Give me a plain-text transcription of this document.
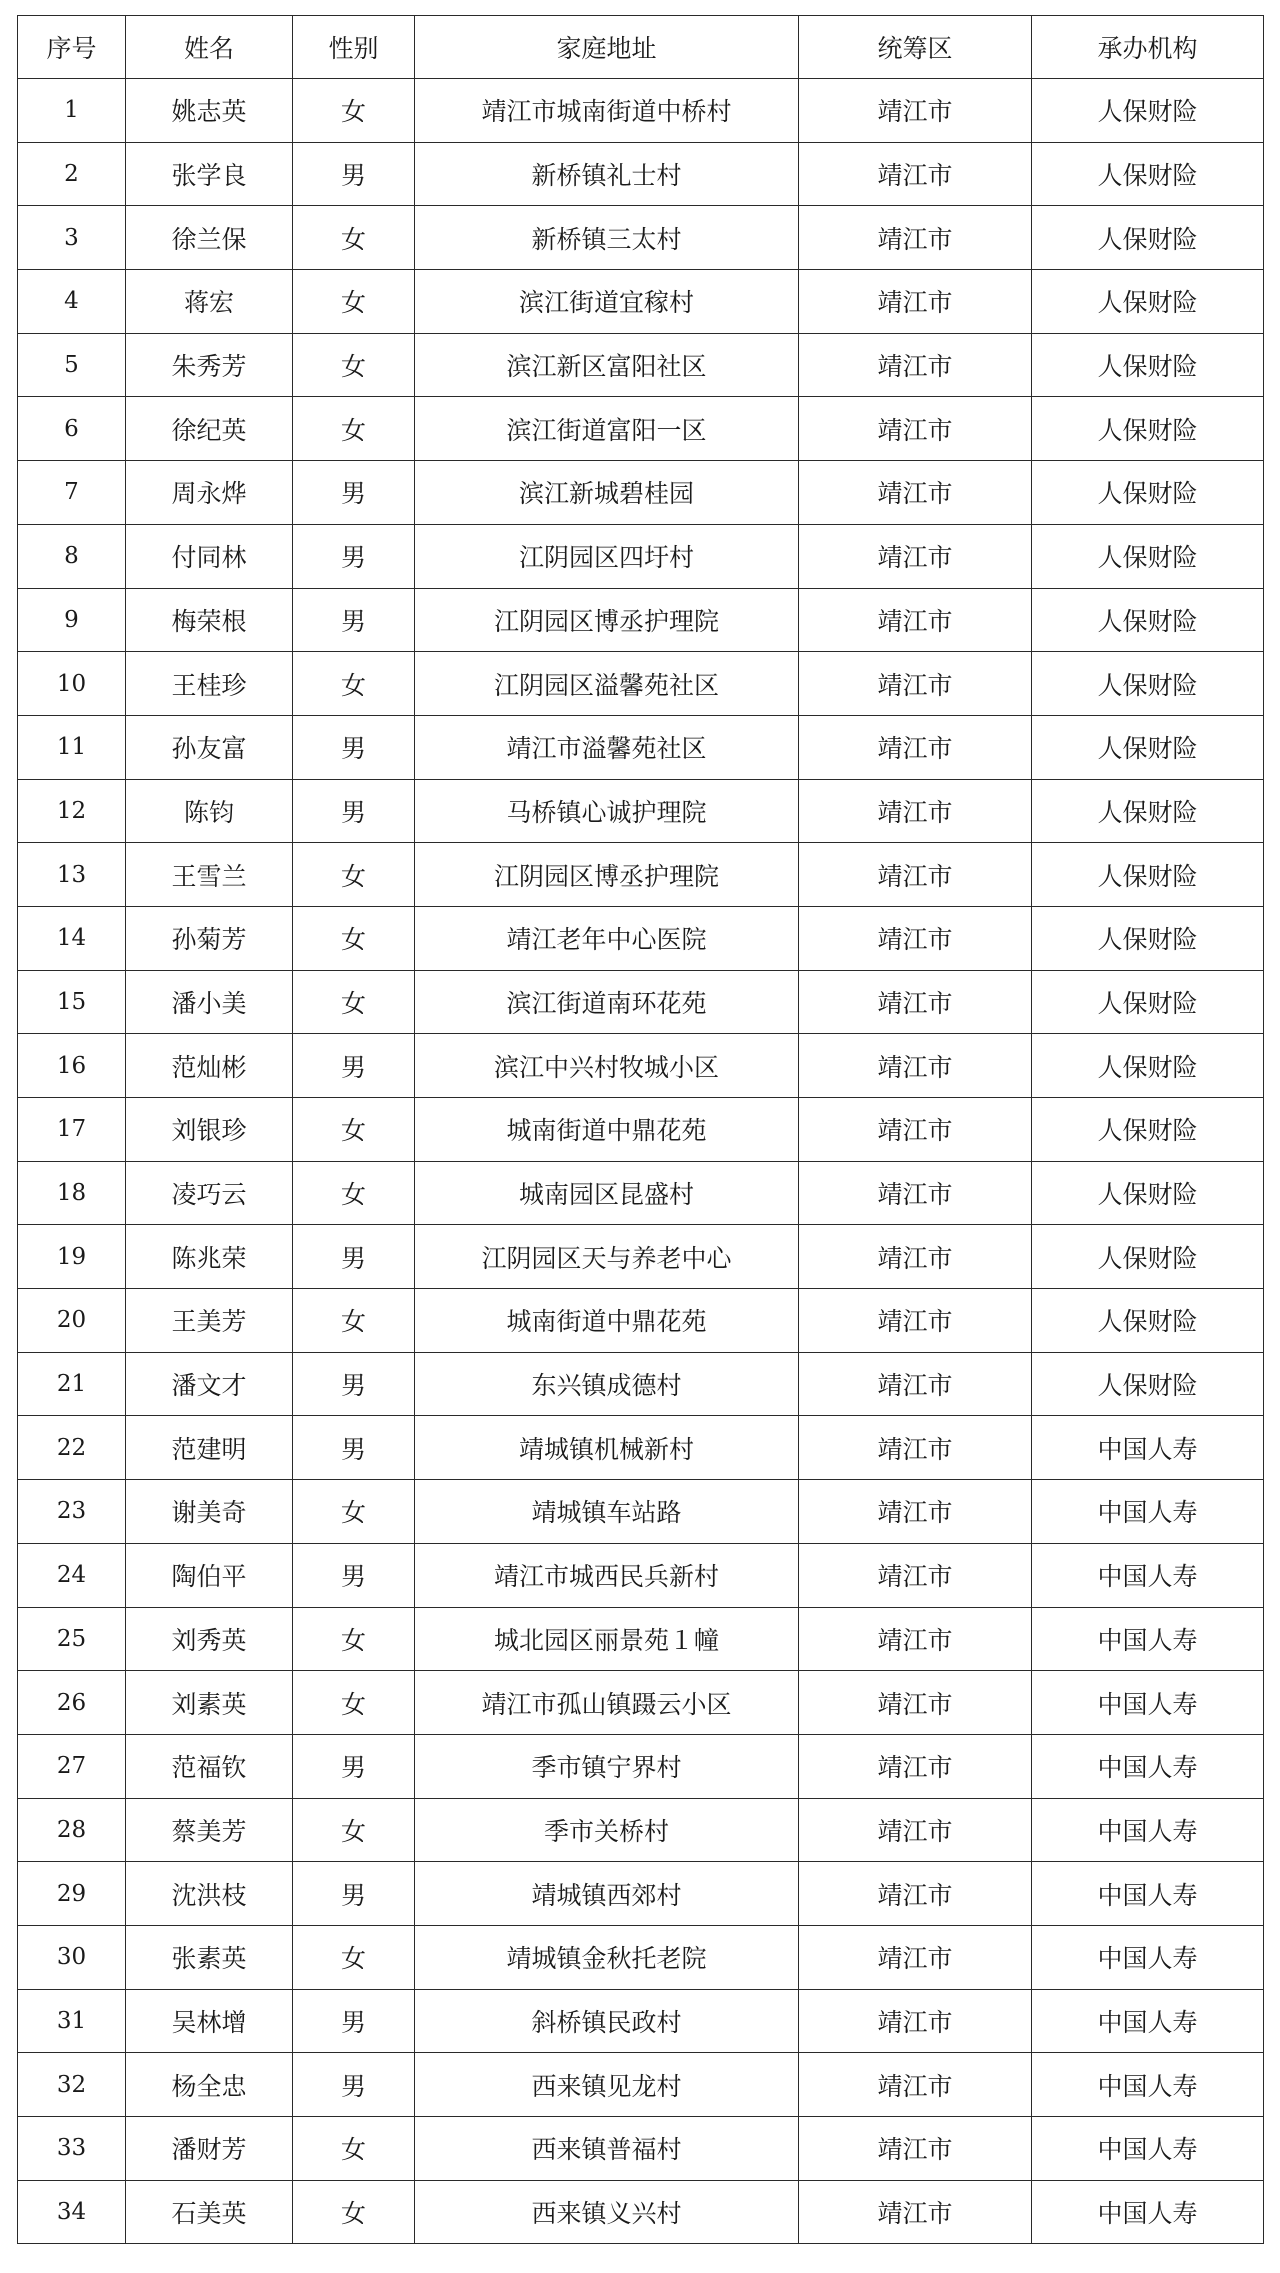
序号	姓名	性别	家庭地址	统筹区	承办机构
1	姚志英	女	靖江市城南街道中桥村	靖江市	人保财险
2	张学良	男	新桥镇礼士村	靖江市	人保财险
3	徐兰保	女	新桥镇三太村	靖江市	人保财险
4	蒋宏	女	滨江街道宜稼村	靖江市	人保财险
5	朱秀芳	女	滨江新区富阳社区	靖江市	人保财险
6	徐纪英	女	滨江街道富阳一区	靖江市	人保财险
7	周永烨	男	滨江新城碧桂园	靖江市	人保财险
8	付同林	男	江阴园区四圩村	靖江市	人保财险
9	梅荣根	男	江阴园区博丞护理院	靖江市	人保财险
10	王桂珍	女	江阴园区溢馨苑社区	靖江市	人保财险
11	孙友富	男	靖江市溢馨苑社区	靖江市	人保财险
12	陈钧	男	马桥镇心诚护理院	靖江市	人保财险
13	王雪兰	女	江阴园区博丞护理院	靖江市	人保财险
14	孙菊芳	女	靖江老年中心医院	靖江市	人保财险
15	潘小美	女	滨江街道南环花苑	靖江市	人保财险
16	范灿彬	男	滨江中兴村牧城小区	靖江市	人保财险
17	刘银珍	女	城南街道中鼎花苑	靖江市	人保财险
18	凌巧云	女	城南园区昆盛村	靖江市	人保财险
19	陈兆荣	男	江阴园区天与养老中心	靖江市	人保财险
20	王美芳	女	城南街道中鼎花苑	靖江市	人保财险
21	潘文才	男	东兴镇成德村	靖江市	人保财险
22	范建明	男	靖城镇机械新村	靖江市	中国人寿
23	谢美奇	女	靖城镇车站路	靖江市	中国人寿
24	陶伯平	男	靖江市城西民兵新村	靖江市	中国人寿
25	刘秀英	女	城北园区丽景苑１幢	靖江市	中国人寿
26	刘素英	女	靖江市孤山镇蹑云小区	靖江市	中国人寿
27	范福钦	男	季市镇宁界村	靖江市	中国人寿
28	蔡美芳	女	季市关桥村	靖江市	中国人寿
29	沈洪枝	男	靖城镇西郊村	靖江市	中国人寿
30	张素英	女	靖城镇金秋托老院	靖江市	中国人寿
31	吴林增	男	斜桥镇民政村	靖江市	中国人寿
32	杨全忠	男	西来镇见龙村	靖江市	中国人寿
33	潘财芳	女	西来镇普福村	靖江市	中国人寿
34	石美英	女	西来镇义兴村	靖江市	中国人寿
